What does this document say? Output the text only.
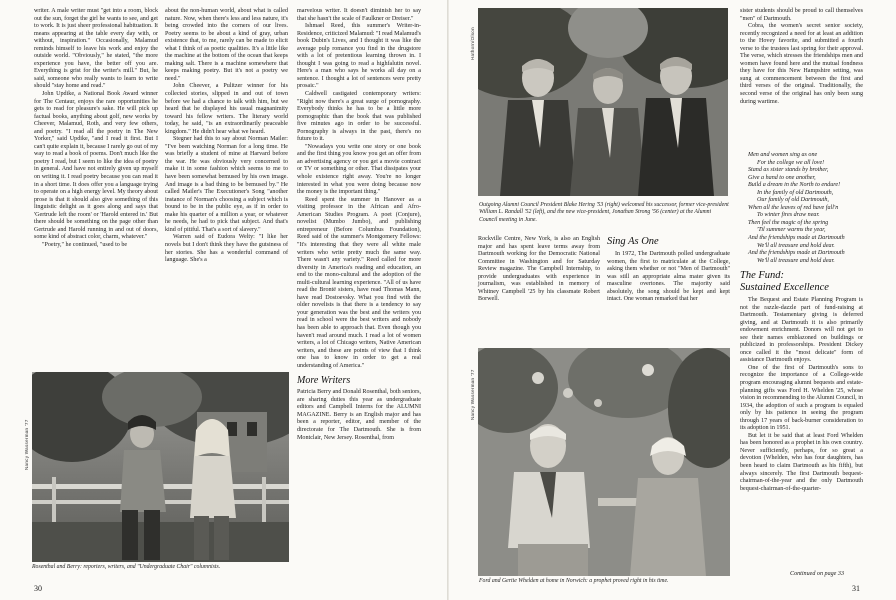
writer. A male writer must "get into a room, block out the sun, forget the girl he wants to see, and get to work. It is just sheer professional habituation. It means appearing at the table every day with, or without, inspiration." Occasionally, Malamud reminds himself to leave his work and enjoy the outside world. "Obviously," he stated, "the more experience you have, the better off you are. Everything is grist for the writer's mill." But, he said, someone who really wants to learn to write should "stay home and read."

John Updike, a National Book Award winner for The Centaur, enjoys the rare opportunities he gets to read for pleasure's sake. He will pick up factual books, anything about golf, new works by Cheever, Malamud, Roth, and very few others, and poetry. "I read all the poetry in The New Yorker," said Updike, "and I read it first. But I can't quite explain it, because I rarely go out of my way to read a book of poems. Don't much like the poetry I read, but I seem to like the idea of poetry in general. And have not entirely given up myself on writing it. I read poetry because you can read it in a short time. It does offer you a language trying to operate on a high energy level. My theory about prose is that it should also give something of this linguistic delight as it goes along and says that 'Gertrude left the room' or 'Harold entered in.' But there should be something on the page other than Gertrude and Harold running in and out of doors, some kind of abstract color, charm, whatever."

"Poetry," he continued, "used to be

about the non-human world, about what is called nature. Now, when there's less and less nature, it's being crowded into the corners of our lives. Poetry seems to be about a kind of gray, urban existence that, to me, rarely can be made to elicit what I think of as poetic qualities. It's a little like the machine at the bottom of the ocean that keeps making salt. There is a machine somewhere that keeps making poetry. But it's not a poetry we need."

John Cheever, a Pulitzer winner for his collected stories, slipped in and out of town before we had a chance to talk with him, but we heard that he displayed his usual magnanimity toward his fellow writers. The literary world today, he said, "is an extraordinarily peaceable kingdom." He didn't hear what we heard.

Stegner had this to say about Norman Mailer: "I've been watching Norman for a long time. He was briefly a student of mine at Harvard before the war. He was obviously very concerned to make it in some fashion which seems to me to have been somewhat bemused by his own image. And image is a bad thing to be bemused by." He called Mailer's The Executioner's Song "another instance of Norman's choosing a subject which is bound to be in the public eye, as if in order to make his quarter of a million a year, or whatever he needs, he had to pick that subject. And that's kind of pitiful. That's a sort of slavery."

Warren said of Eudora Welty: "I like her novels but I don't think they have the gutsiness of her stories. She has a wonderful command of language. She's a

marvelous writer. It doesn't diminish her to say that she hasn't the scale of Faulkner or Dreiser."

Ishmael Reed, this summer's Writer-in-Residence, criticized Malamud: "I read Malamud's book Dubin's Lives, and I thought it was like the average pulp romance you find in the drugstore with a lot of pretentious learning thrown in. I thought I was going to read a highfalutin novel. Here's a man who says he works all day on a sentence. I thought a lot of sentences were pretty prosaic."

Caldwell castigated contemporary writers: "Right now there's a great surge of pornography. Everybody thinks he has to be a little more pornographic than the book that was published five minutes ago in order to be successful. Pornography is always in the past, there's no future to it.

"Nowadays you write one story or one book and the first thing you know you get an offer from an advertising agency or you get a movie contract or TV or something or other. That dissipates your whole existence right away. You're no longer interested in what you were doing because now the money is the important thing."

Reed spent the summer in Hanover as a visiting professor in the African and Afro-American Studies Program. A poet (Conjure), novelist (Mumbo Jumbo), and publishing entrepreneur (Before Columbus Foundation), Reed said of the summer's Montgomery Fellows: "It's interesting that they were all white male writers who write pretty much the same way. There wasn't any variety." Reed called for more diversity in America's reading and education, an end to the mono-cultural and the adoption of the multi-cultural learning experience. "All of us have read the Brontë sisters, have read Thomas Mann, have read Dostoevsky. What you find with the older novelists is that there is a tendency to say your generation was the best and the writers you read in school were the best writers and nobody has been able to approach that. Even though you haven't read around much. I read a lot of women writers, a lot of Chicago writers, Native American writers, and these are points of view that I think one has to know in order to get a real understanding of America."

More Writers

Patricia Berry and Donald Rosenthal, both seniors, are sharing duties this year as undergraduate editors and Campbell Interns for the ALUMNI MAGAZINE. Berry is an English major and has been a reporter, editor, and member of the directorate for The Dartmouth. She is from Montclair, New Jersey. Rosenthal, from

Nancy Wasserman '77
Rosenthal and Berry: reporters, writers, and "Undergraduate Chair" columnists.
30
Hathorn/Olson
Outgoing Alumni Council President Blake Hering '53 (right) welcomed his successor, former vice-president William L. Randall '52 (left), and the new vice-president, Jonathan Strong '56 (center) at the Alumni Council meeting in June.

Rockville Centre, New York, is also an English major and has spent leave terms away from Dartmouth working for the Democratic National Committee in Washington and for Saturday Review magazine. The Campbell Internship, to provide undergraduates with experience in journalism, was established in memory of Whitney Campbell '25 by his classmate Robert Borwell.

Sing As One

In 1972, The Dartmouth polled undergraduate women, the first to matriculate at the College, asking them whether or not "Men of Dartmouth" was still an appropriate alma mater given its masculine overtones. The majority said absolutely, the song should be kept and kept intact. One woman remarked that her

Nancy Wasserman '77
Ford and Gertie Whelden at home in Norwich: a prophet proved right in his time.

sister students should be proud to call themselves "men" of Dartmouth.

Cobra, the women's secret senior society, recently recognized a need for at least an addition to the Hovey favorite, and submitted a fourth verse to the trustees last spring for their approval. The verse, which stresses the friendships men and women have found here and the mutual fondness they have for this New Hampshire setting, was sung at commencement between the first and third verses of the original. Traditionally, the second verse of the original has only been sung during wartime.

Men and women sing as one
For the college we all love!
Stand as sister stands by brother,
Give a hand to one another,
Build a dream in the North to endure!
In the family of old Dartmouth,
Our family of old Dartmouth,
When all the leaves of red have fall'n
To winter fires draw near.
Then feel the magic of the spring
'Til summer warms the year,
And the friendships made at Dartmouth
We'll all treasure and hold dear.
And the friendships made at Dartmouth
We'll all treasure and hold dear.
The Fund:
Sustained Excellence

The Bequest and Estate Planning Program is not the razzle-dazzle part of fund-raising at Dartmouth. Testamentary giving is deferred giving, and at Dartmouth it is also primarily endowment enrichment. Donors will not get to see their names emblazoned on buildings or publicized in professorships. President Dickey once called it the "most delicate" form of assistance Dartmouth enjoys.

One of the first of Dartmouth's sons to recognize the importance of a College-wide program encouraging alumni bequests and estate-planning gifts was Ford H. Whelden '25, whose vision in recommending to the Alumni Council, in 1934, the adoption of such a program is equaled only by his patience in seeing the program through 17 years of back-burner consideration to its adoption in 1951.

But let it be said that at least Ford Whelden has been honored as a prophet in his own country. Never sufficiently, perhaps, for so great a devotion (Whelden, who has four daughters, has been heard to claim Dartmouth as his fifth), but always sincerely. The first Dartmouth bequest-chairman-of-the-year and the only Dartmouth bequest-chairman-of-the-quarter-

Continued on page 33
31
